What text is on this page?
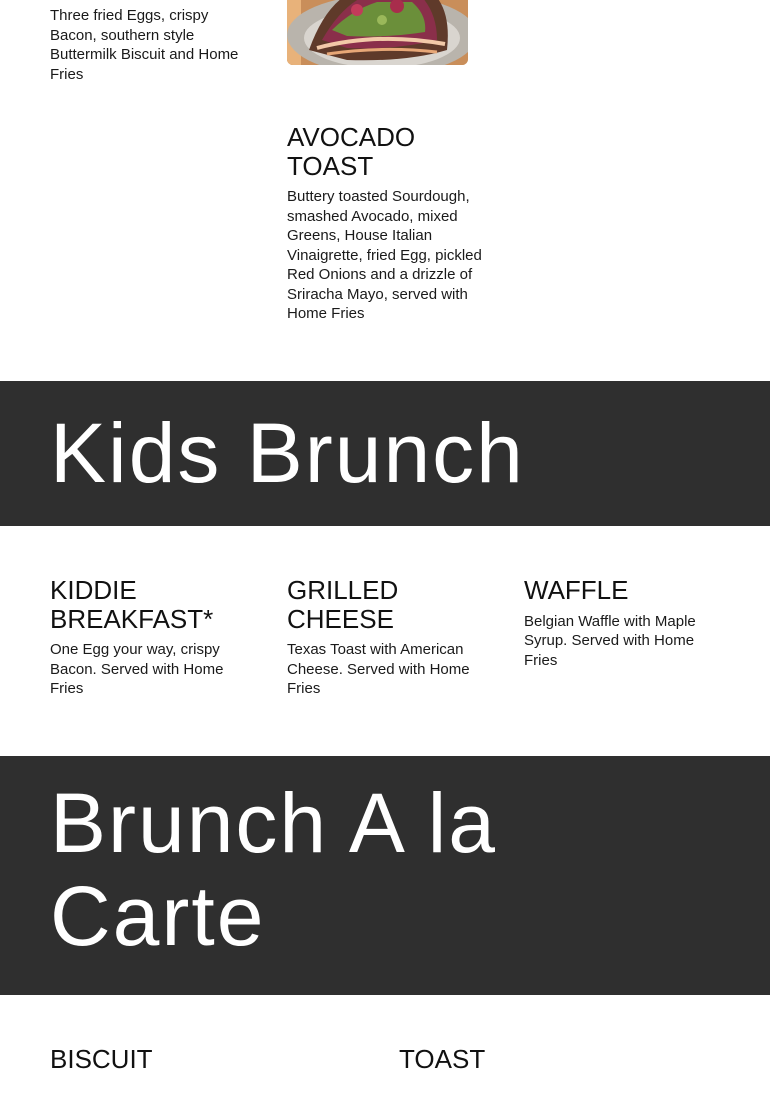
Three fried Eggs, crispy Bacon, southern style Buttermilk Biscuit and Home Fries

AVOCADO TOAST

Buttery toasted Sourdough, smashed Avocado, mixed Greens, House Italian Vinaigrette, fried Egg, pickled Red Onions and a drizzle of Sriracha Mayo, served with Home Fries

Kids Brunch
KIDDIE BREAKFAST*

One Egg your way, crispy Bacon. Served with Home Fries

GRILLED CHEESE

Texas Toast with American Cheese. Served with Home Fries

WAFFLE

Belgian Waffle with Maple Syrup. Served with Home Fries

Brunch A la Carte
BISCUIT	TOAST
